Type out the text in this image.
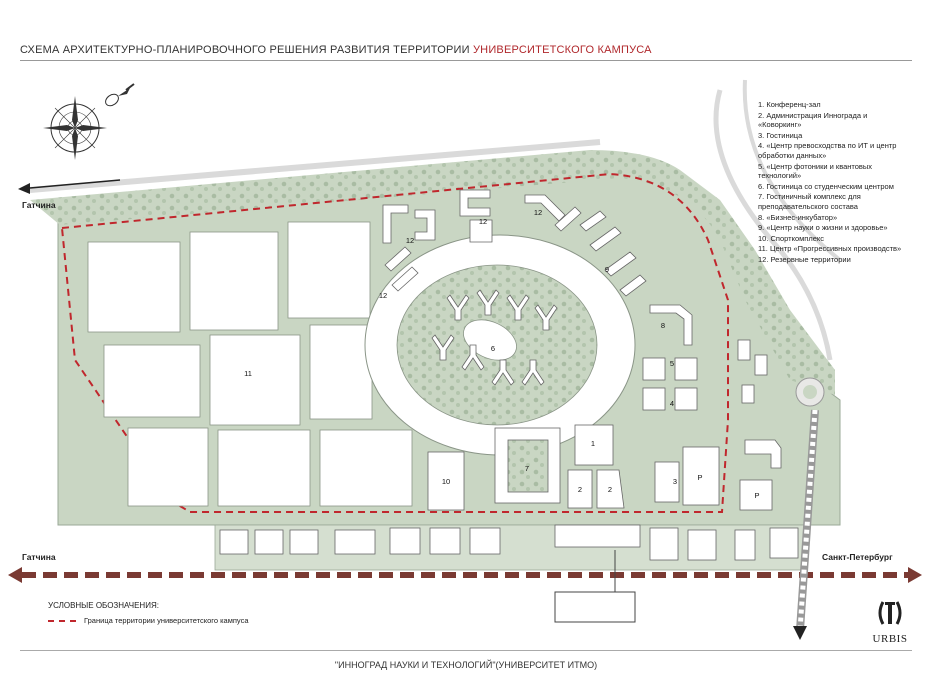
СХЕМА АРХИТЕКТУРНО-ПЛАНИРОВОЧНОГО РЕШЕНИЯ РАЗВИТИЯ ТЕРРИТОРИИ УНИВЕРСИТЕТСКОГО КАМПУСА
11
6
12
12
12
12
9
8
5
4
7
10
1
2	2
3	Р
Р
1. Конференц-зал
2. Администрация Иннограда и «Коворкинг»
3. Гостиница
4. «Центр превосходства по ИТ и центр обработки данных»
5. «Центр фотоники и квантовых технологий»
6. Гостиница со студенческим центром
7. Гостиничный комплекс для преподавательского состава
8. «Бизнес-инкубатор»
9. «Центр науки о жизни и здоровье»
10. Спорткомплекс
11. Центр «Прогрессивных производств»
12. Резервные территории
Гатчина
Гатчина	Санкт-Петербург
УСЛОВНЫЕ ОБОЗНАЧЕНИЯ:
Граница территории университетского кампуса
URBIS
"ИННОГРАД НАУКИ И ТЕХНОЛОГИЙ"(УНИВЕРСИТЕТ ИТМО)
